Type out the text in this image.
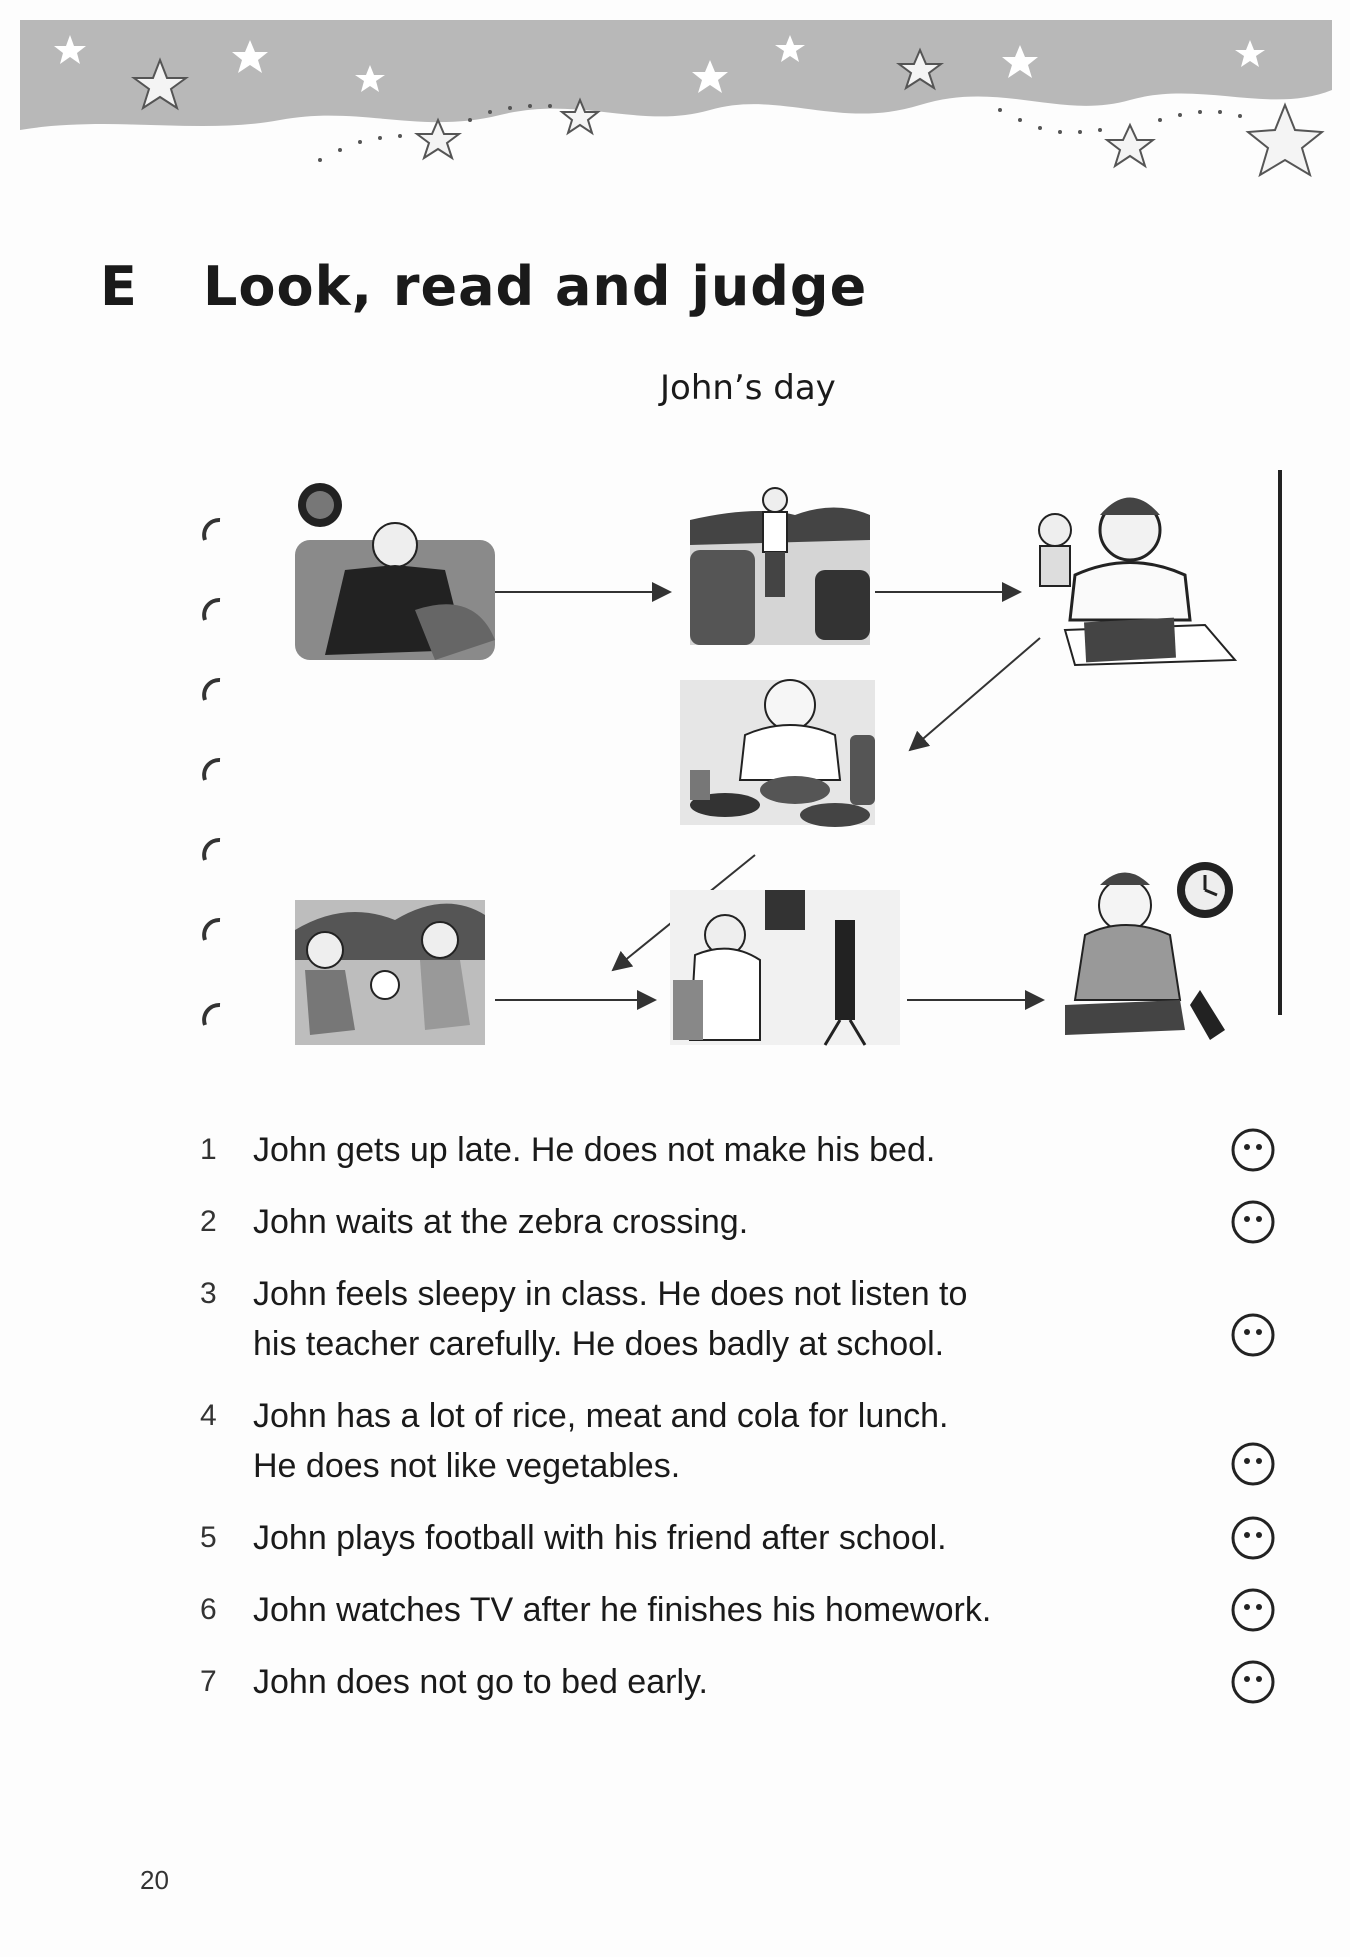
E Look, read and judge
John’s day
1	John gets up late. He does not make his bed.
2	John waits at the zebra crossing.
3	John feels sleepy in class. He does not listen to
his teacher carefully. He does badly at school.
4	John has a lot of rice, meat and cola for lunch.
He does not like vegetables.
5	John plays football with his friend after school.
6	John watches TV after he finishes his homework.
7	John does not go to bed early.
20
